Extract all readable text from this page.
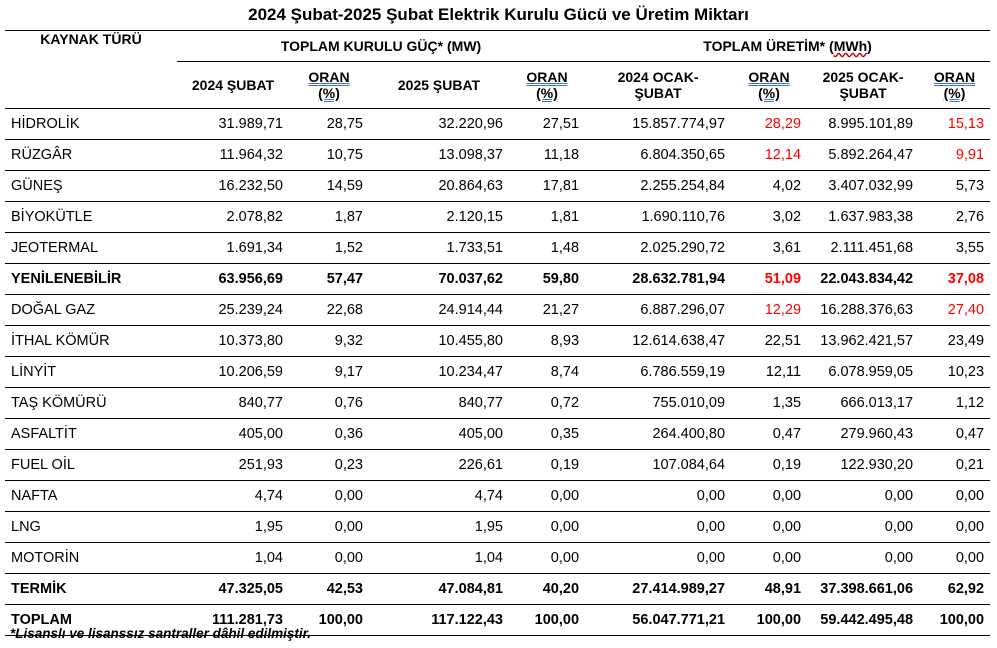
2024 Şubat-2025 Şubat Elektrik Kurulu Gücü ve Üretim Miktarı
KAYNAK TÜRÜ	TOPLAM KURULU GÜÇ* (MW)				TOPLAM ÜRETİM* (MWh)			
	2024 ŞUBAT	ORAN
(%)	2025 ŞUBAT	ORAN
(%)	2024 OCAK-
ŞUBAT	ORAN
(%)	2025 OCAK-
ŞUBAT	ORAN
(%)
HİDROLİK	31.989,71	28,75	32.220,96	27,51	15.857.774,97	28,29	8.995.101,89	15,13
RÜZGÂR	11.964,32	10,75	13.098,37	11,18	6.804.350,65	12,14	5.892.264,47	9,91
GÜNEŞ	16.232,50	14,59	20.864,63	17,81	2.255.254,84	4,02	3.407.032,99	5,73
BİYOKÜTLE	2.078,82	1,87	2.120,15	1,81	1.690.110,76	3,02	1.637.983,38	2,76
JEOTERMAL	1.691,34	1,52	1.733,51	1,48	2.025.290,72	3,61	2.111.451,68	3,55
YENİLENEBİLİR	63.956,69	57,47	70.037,62	59,80	28.632.781,94	51,09	22.043.834,42	37,08
DOĞAL GAZ	25.239,24	22,68	24.914,44	21,27	6.887.296,07	12,29	16.288.376,63	27,40
İTHAL KÖMÜR	10.373,80	9,32	10.455,80	8,93	12.614.638,47	22,51	13.962.421,57	23,49
LİNYİT	10.206,59	9,17	10.234,47	8,74	6.786.559,19	12,11	6.078.959,05	10,23
TAŞ KÖMÜRÜ	840,77	0,76	840,77	0,72	755.010,09	1,35	666.013,17	1,12
ASFALTİT	405,00	0,36	405,00	0,35	264.400,80	0,47	279.960,43	0,47
FUEL OİL	251,93	0,23	226,61	0,19	107.084,64	0,19	122.930,20	0,21
NAFTA	4,74	0,00	4,74	0,00	0,00	0,00	0,00	0,00
LNG	1,95	0,00	1,95	0,00	0,00	0,00	0,00	0,00
MOTORİN	1,04	0,00	1,04	0,00	0,00	0,00	0,00	0,00
TERMİK	47.325,05	42,53	47.084,81	40,20	27.414.989,27	48,91	37.398.661,06	62,92
TOPLAM	111.281,73	100,00	117.122,43	100,00	56.047.771,21	100,00	59.442.495,48	100,00
*Lisanslı ve lisanssız santraller dâhil edilmiştir.
